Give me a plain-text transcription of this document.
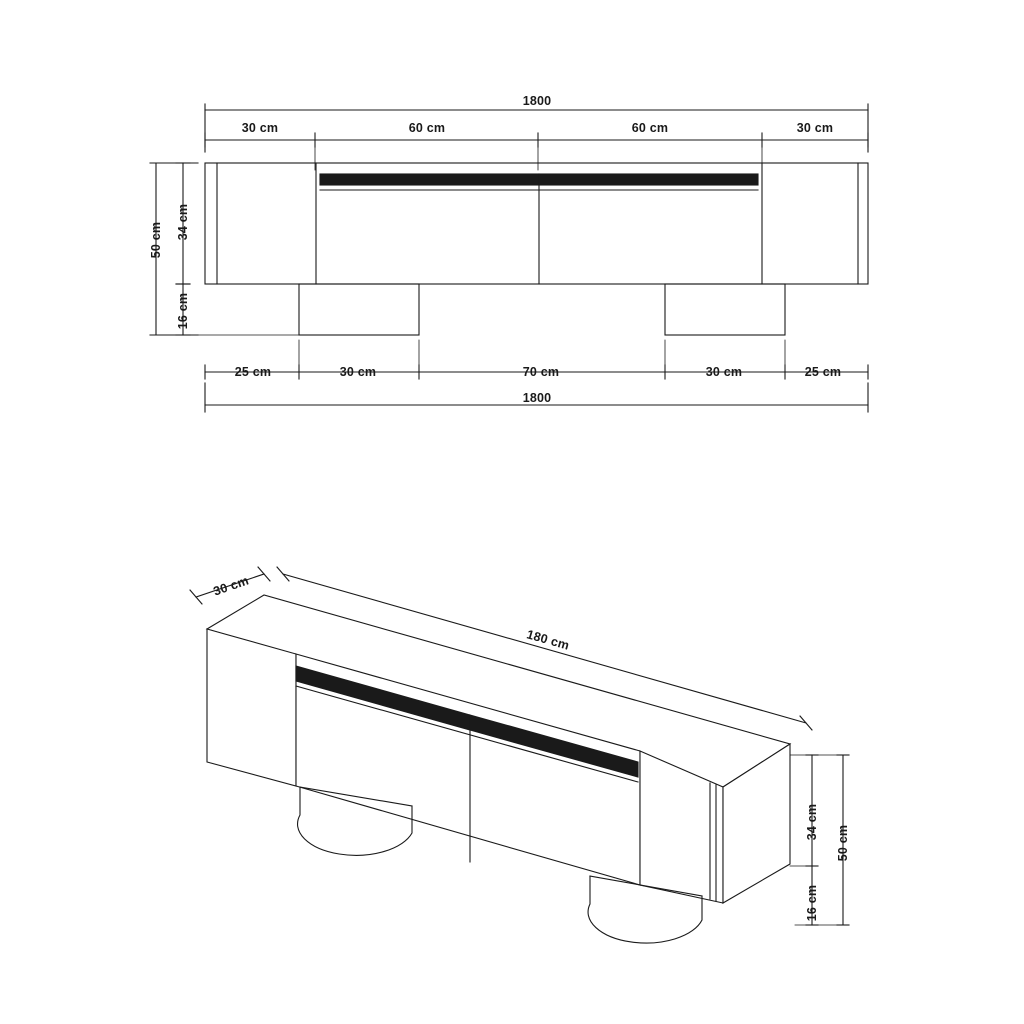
1800
30 cm	60 cm	60 cm	30 cm
50 cm 34 cm
16 cm
25 cm	30 cm	70 cm	30 cm	25 cm
1800
30 cm
180 cm
50 cm
34 cm
16 cm
